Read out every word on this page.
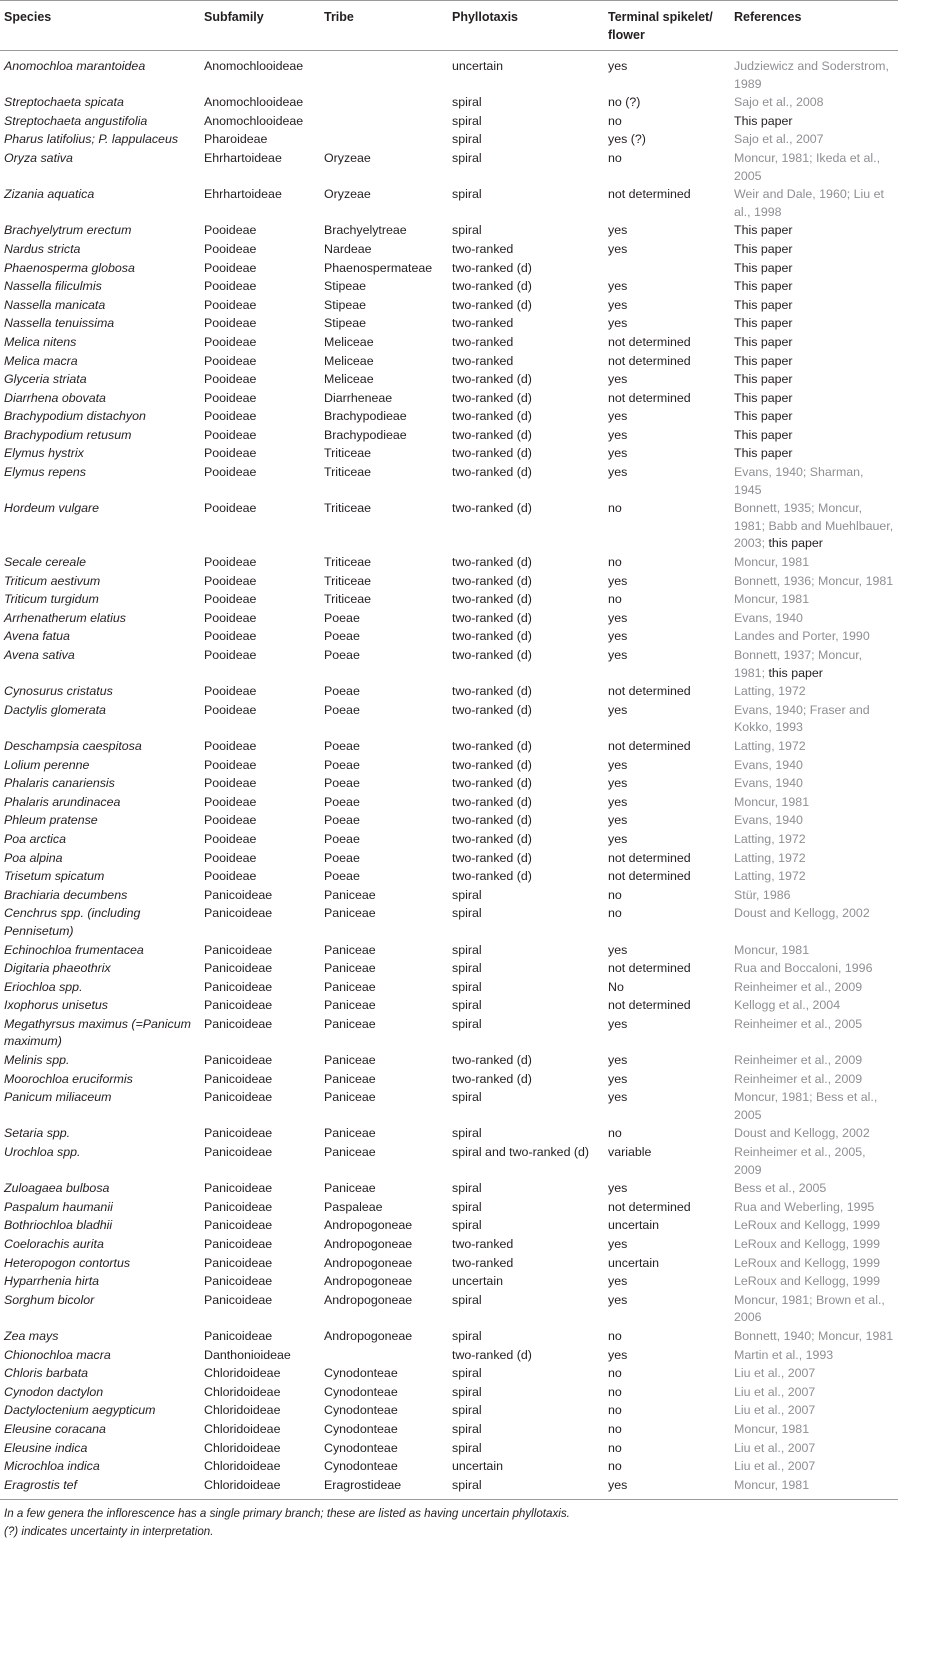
Species	Subfamily	Tribe	Phyllotaxis	Terminal spikelet/ flower	References
Anomochloa marantoidea	Anomochlooideae		uncertain	yes	Judziewicz and Soderstrom, 1989
Streptochaeta spicata	Anomochlooideae		spiral	no (?)	Sajo et al., 2008
Streptochaeta angustifolia	Anomochlooideae		spiral	no	This paper
Pharus latifolius; P. lappulaceus	Pharoideae		spiral	yes (?)	Sajo et al., 2007
Oryza sativa	Ehrhartoideae	Oryzeae	spiral	no	Moncur, 1981; Ikeda et al., 2005
Zizania aquatica	Ehrhartoideae	Oryzeae	spiral	not determined	Weir and Dale, 1960; Liu et al., 1998
Brachyelytrum erectum	Pooideae	Brachyelytreae	spiral	yes	This paper
Nardus stricta	Pooideae	Nardeae	two-ranked	yes	This paper
Phaenosperma globosa	Pooideae	Phaenospermateae	two-ranked (d)		This paper
Nassella filiculmis	Pooideae	Stipeae	two-ranked (d)	yes	This paper
Nassella manicata	Pooideae	Stipeae	two-ranked (d)	yes	This paper
Nassella tenuissima	Pooideae	Stipeae	two-ranked	yes	This paper
Melica nitens	Pooideae	Meliceae	two-ranked	not determined	This paper
Melica macra	Pooideae	Meliceae	two-ranked	not determined	This paper
Glyceria striata	Pooideae	Meliceae	two-ranked (d)	yes	This paper
Diarrhena obovata	Pooideae	Diarrheneae	two-ranked (d)	not determined	This paper
Brachypodium distachyon	Pooideae	Brachypodieae	two-ranked (d)	yes	This paper
Brachypodium retusum	Pooideae	Brachypodieae	two-ranked (d)	yes	This paper
Elymus hystrix	Pooideae	Triticeae	two-ranked (d)	yes	This paper
Elymus repens	Pooideae	Triticeae	two-ranked (d)	yes	Evans, 1940; Sharman, 1945
Hordeum vulgare	Pooideae	Triticeae	two-ranked (d)	no	Bonnett, 1935; Moncur, 1981; Babb and Muehlbauer, 2003; this paper
Secale cereale	Pooideae	Triticeae	two-ranked (d)	no	Moncur, 1981
Triticum aestivum	Pooideae	Triticeae	two-ranked (d)	yes	Bonnett, 1936; Moncur, 1981
Triticum turgidum	Pooideae	Triticeae	two-ranked (d)	no	Moncur, 1981
Arrhenatherum elatius	Pooideae	Poeae	two-ranked (d)	yes	Evans, 1940
Avena fatua	Pooideae	Poeae	two-ranked (d)	yes	Landes and Porter, 1990
Avena sativa	Pooideae	Poeae	two-ranked (d)	yes	Bonnett, 1937; Moncur, 1981; this paper
Cynosurus cristatus	Pooideae	Poeae	two-ranked (d)	not determined	Latting, 1972
Dactylis glomerata	Pooideae	Poeae	two-ranked (d)	yes	Evans, 1940; Fraser and Kokko, 1993
Deschampsia caespitosa	Pooideae	Poeae	two-ranked (d)	not determined	Latting, 1972
Lolium perenne	Pooideae	Poeae	two-ranked (d)	yes	Evans, 1940
Phalaris canariensis	Pooideae	Poeae	two-ranked (d)	yes	Evans, 1940
Phalaris arundinacea	Pooideae	Poeae	two-ranked (d)	yes	Moncur, 1981
Phleum pratense	Pooideae	Poeae	two-ranked (d)	yes	Evans, 1940
Poa arctica	Pooideae	Poeae	two-ranked (d)	yes	Latting, 1972
Poa alpina	Pooideae	Poeae	two-ranked (d)	not determined	Latting, 1972
Trisetum spicatum	Pooideae	Poeae	two-ranked (d)	not determined	Latting, 1972
Brachiaria decumbens	Panicoideae	Paniceae	spiral	no	Stür, 1986
Cenchrus spp. (including Pennisetum)	Panicoideae	Paniceae	spiral	no	Doust and Kellogg, 2002
Echinochloa frumentacea	Panicoideae	Paniceae	spiral	yes	Moncur, 1981
Digitaria phaeothrix	Panicoideae	Paniceae	spiral	not determined	Rua and Boccaloni, 1996
Eriochloa spp.	Panicoideae	Paniceae	spiral	No	Reinheimer et al., 2009
Ixophorus unisetus	Panicoideae	Paniceae	spiral	not determined	Kellogg et al., 2004
Megathyrsus maximus (=Panicum maximum)	Panicoideae	Paniceae	spiral	yes	Reinheimer et al., 2005
Melinis spp.	Panicoideae	Paniceae	two-ranked (d)	yes	Reinheimer et al., 2009
Moorochloa eruciformis	Panicoideae	Paniceae	two-ranked (d)	yes	Reinheimer et al., 2009
Panicum miliaceum	Panicoideae	Paniceae	spiral	yes	Moncur, 1981; Bess et al., 2005
Setaria spp.	Panicoideae	Paniceae	spiral	no	Doust and Kellogg, 2002
Urochloa spp.	Panicoideae	Paniceae	spiral and two-ranked (d)	variable	Reinheimer et al., 2005, 2009
Zuloagaea bulbosa	Panicoideae	Paniceae	spiral	yes	Bess et al., 2005
Paspalum haumanii	Panicoideae	Paspaleae	spiral	not determined	Rua and Weberling, 1995
Bothriochloa bladhii	Panicoideae	Andropogoneae	spiral	uncertain	LeRoux and Kellogg, 1999
Coelorachis aurita	Panicoideae	Andropogoneae	two-ranked	yes	LeRoux and Kellogg, 1999
Heteropogon contortus	Panicoideae	Andropogoneae	two-ranked	uncertain	LeRoux and Kellogg, 1999
Hyparrhenia hirta	Panicoideae	Andropogoneae	uncertain	yes	LeRoux and Kellogg, 1999
Sorghum bicolor	Panicoideae	Andropogoneae	spiral	yes	Moncur, 1981; Brown et al., 2006
Zea mays	Panicoideae	Andropogoneae	spiral	no	Bonnett, 1940; Moncur, 1981
Chionochloa macra	Danthonioideae		two-ranked (d)	yes	Martin et al., 1993
Chloris barbata	Chloridoideae	Cynodonteae	spiral	no	Liu et al., 2007
Cynodon dactylon	Chloridoideae	Cynodonteae	spiral	no	Liu et al., 2007
Dactyloctenium aegypticum	Chloridoideae	Cynodonteae	spiral	no	Liu et al., 2007
Eleusine coracana	Chloridoideae	Cynodonteae	spiral	no	Moncur, 1981
Eleusine indica	Chloridoideae	Cynodonteae	spiral	no	Liu et al., 2007
Microchloa indica	Chloridoideae	Cynodonteae	uncertain	no	Liu et al., 2007
Eragrostis tef	Chloridoideae	Eragrostideae	spiral	yes	Moncur, 1981
In a few genera the inflorescence has a single primary branch; these are listed as having uncertain phyllotaxis.
(?) indicates uncertainty in interpretation.
